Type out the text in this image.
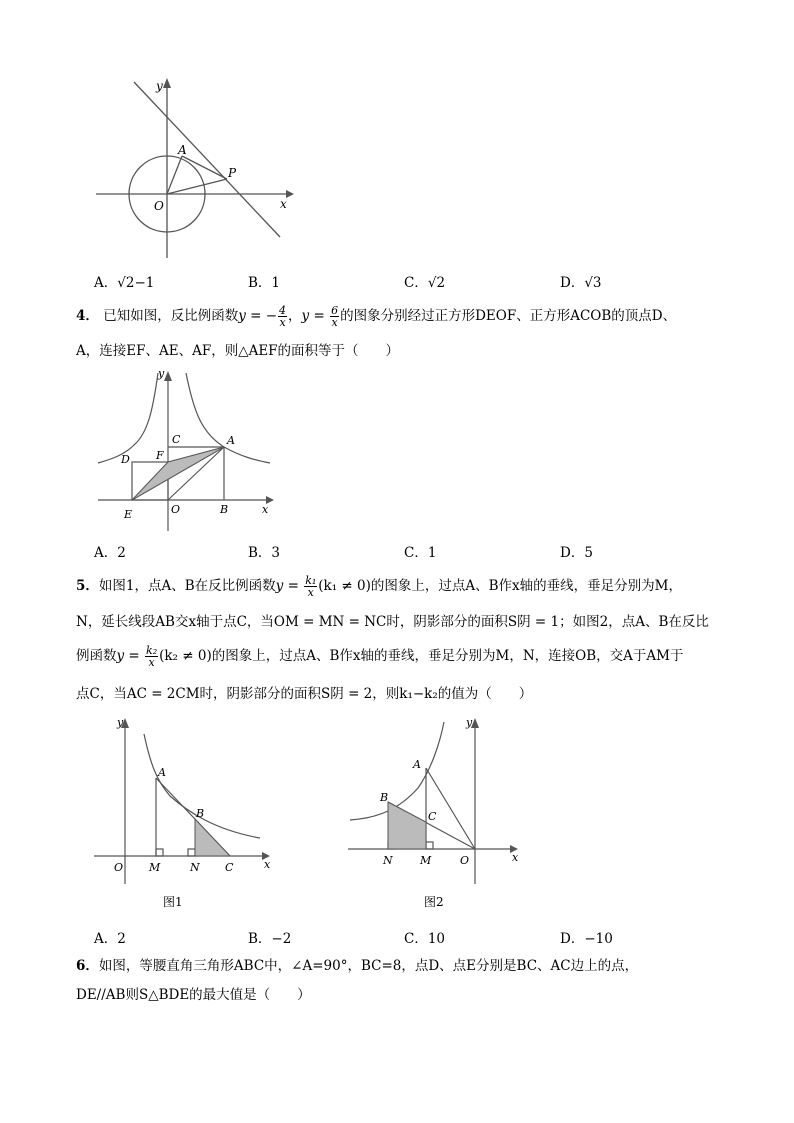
y
x
O
A
P
A．√2−1	B．1	C．√2	D．√3
4． 已知如图，反比例函数y = − $\frac{4}{x}$ ，$y = \frac{6}{x}$ 的图象分别经过正方形DEOF、正方形ACOB的顶点D、
A，连接EF、AE、AF，则△AEF的面积等于（　　）
y
x
C	A
D F
E	O	B
A．2	B．3	C．1	D．5
5．如图1，点A、B在反比例函数$y = \frac{\text{k₁}}{x} (k_1 \ne 0)$的图象上，过点A、B作x轴的垂线，垂足分别为M，
N，延长线段AB交x轴于点C，当OM = MN = NC时，阴影部分的面积S阴 = 1；如图2，点A、B在反比
例函数$y = \frac{\text{k₂}}{x} (k_2 \ne 0)$的图象上，过点A、B作x轴的垂线，垂足分别为M，N，连接OB，交A于AM于
点C，当AC = 2CM时，阴影部分的面积S阴 = 2，则k₁−k₂的值为（　　）
y
x
O
A
B
M	N C
图1
y
x
O
A
B
C
N M
图2
A．2	B．−2	C．10	D．−10
6．如图，等腰直角三角形ABC中，∠A=90°，BC=8，点D、点E分别是BC、AC边上的点，
DE//AB则S△BDE的最大值是（　　）
